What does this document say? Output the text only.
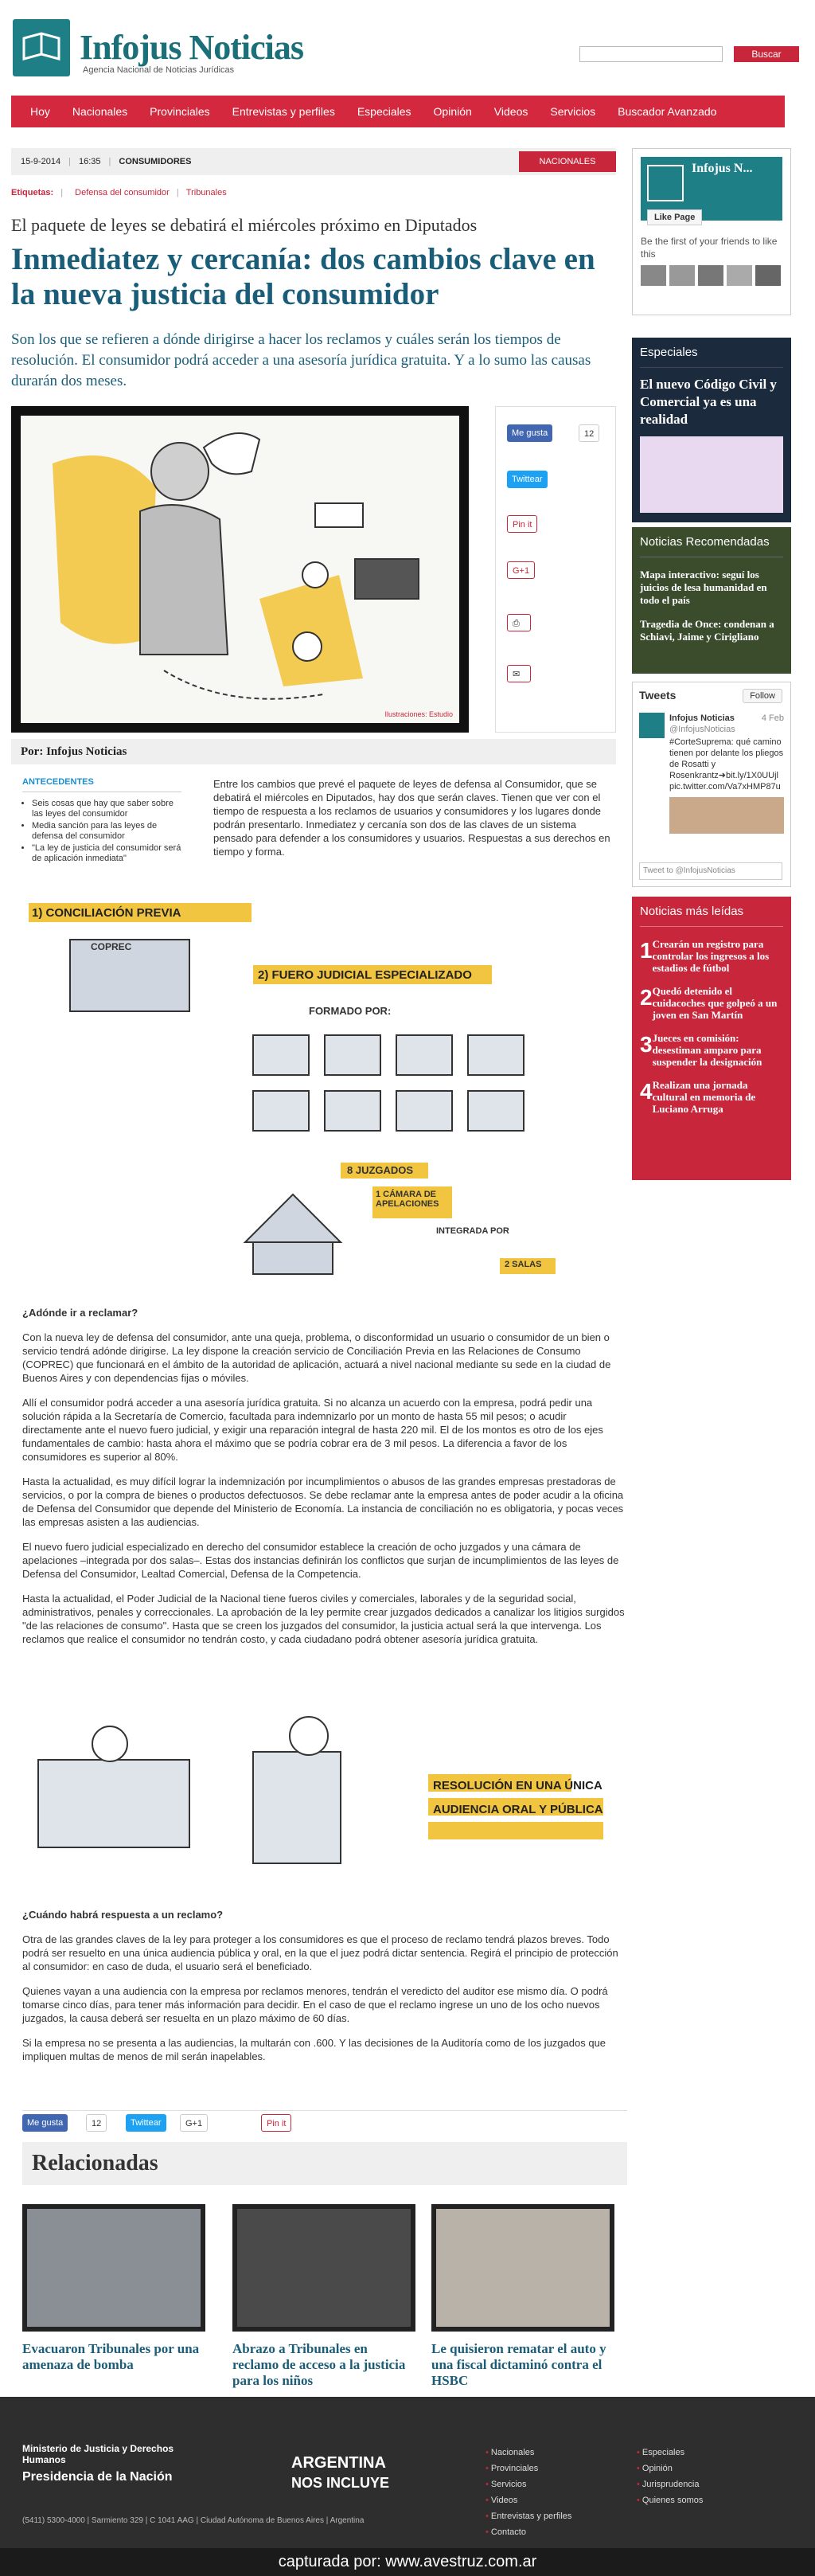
Infojus Noticias
Agencia Nacional de Noticias Jurídicas
Buscar
Hoy Nacionales Provinciales Entrevistas y perfiles Especiales Opinión Videos Servicios Buscador Avanzado
15-9-2014 | 16:35 | CONSUMIDORES	NACIONALES
Etiquetas: | Defensa del consumidor | Tribunales
El paquete de leyes se debatirá el miércoles próximo en Diputados
Inmediatez y cercanía: dos cambios clave en la nueva justicia del consumidor
Son los que se refieren a dónde dirigirse a hacer los reclamos y cuáles serán los tiempos de resolución. El consumidor podrá acceder a una asesoría jurídica gratuita. Y a lo sumo las causas durarán dos meses.
Ilustraciones: Estudio
Me gusta	12
Twittear
Pin it
G+1
⎙
✉
Por: Infojus Noticias
ANTECEDENTES
• Seis cosas que hay que saber sobre las leyes del consumidor
• Media sanción para las leyes de defensa del consumidor
• "La ley de justicia del consumidor será de aplicación inmediata"
Entre los cambios que prevé el paquete de leyes de defensa al Consumidor, que se debatirá el miércoles en Diputados, hay dos que serán claves. Tienen que ver con el tiempo de respuesta a los reclamos de usuarios y consumidores y los lugares donde podrán presentarlo. Inmediatez y cercanía son dos de las claves de un sistema pensado para defender a los consumidores y usuarios. Respuestas a sus derechos en tiempo y forma.
1) CONCILIACIÓN PREVIA
COPREC
2) FUERO JUDICIAL ESPECIALIZADO
FORMADO POR:
8 JUZGADOS
1 CÁMARA DE APELACIONES
INTEGRADA POR
2 SALAS
¿Adónde ir a reclamar?

Con la nueva ley de defensa del consumidor, ante una queja, problema, o disconformidad un usuario o consumidor de un bien o servicio tendrá adónde dirigirse. La ley dispone la creación servicio de Conciliación Previa en las Relaciones de Consumo (COPREC) que funcionará en el ámbito de la autoridad de aplicación, actuará a nivel nacional mediante su sede en la ciudad de Buenos Aires y con dependencias fijas o móviles.

Allí el consumidor podrá acceder a una asesoría jurídica gratuita. Si no alcanza un acuerdo con la empresa, podrá pedir una solución rápida a la Secretaría de Comercio, facultada para indemnizarlo por un monto de hasta 55 mil pesos; o acudir directamente ante el nuevo fuero judicial, y exigir una reparación integral de hasta 220 mil. El de los montos es otro de los ejes fundamentales de cambio: hasta ahora el máximo que se podría cobrar era de 3 mil pesos. La diferencia a favor de los consumidores es superior al 80%.

Hasta la actualidad, es muy difícil lograr la indemnización por incumplimientos o abusos de las grandes empresas prestadoras de servicios, o por la compra de bienes o productos defectuosos. Se debe reclamar ante la empresa antes de poder acudir a la oficina de Defensa del Consumidor que depende del Ministerio de Economía. La instancia de conciliación no es obligatoria, y pocas veces las empresas asisten a las audiencias.

El nuevo fuero judicial especializado en derecho del consumidor establece la creación de ocho juzgados y una cámara de apelaciones –integrada por dos salas–. Estas dos instancias definirán los conflictos que surjan de incumplimientos de las leyes de Defensa del Consumidor, Lealtad Comercial, Defensa de la Competencia.

Hasta la actualidad, el Poder Judicial de la Nacional tiene fueros civiles y comerciales, laborales y de la seguridad social, administrativos, penales y correccionales. La aprobación de la ley permite crear juzgados dedicados a canalizar los litigios surgidos "de las relaciones de consumo". Hasta que se creen los juzgados del consumidor, la justicia actual será la que intervenga. Los reclamos que realice el consumidor no tendrán costo, y cada ciudadano podrá obtener asesoría jurídica gratuita.

RESOLUCIÓN EN UNA ÚNICA AUDIENCIA ORAL Y PÚBLICA
¿Cuándo habrá respuesta a un reclamo?

Otra de las grandes claves de la ley para proteger a los consumidores es que el proceso de reclamo tendrá plazos breves. Todo podrá ser resuelto en una única audiencia pública y oral, en la que el juez podrá dictar sentencia. Regirá el principio de protección al consumidor: en caso de duda, el usuario será el beneficiado.

Quienes vayan a una audiencia con la empresa por reclamos menores, tendrán el veredicto del auditor ese mismo día. O podrá tomarse cinco días, para tener más información para decidir. En el caso de que el reclamo ingrese un uno de los ocho nuevos juzgados, la causa deberá ser resuelta en un plazo máximo de 60 días.

Si la empresa no se presenta a las audiencias, la multarán con .600. Y las decisiones de la Auditoría como de los juzgados que impliquen multas de menos de mil serán inapelables.

Me gusta	12	Twittear	G+1	Pin it
Relacionadas
Evacuaron Tribunales por una amenaza de bomba
Abrazo a Tribunales en reclamo de acceso a la justicia para los niños
Le quisieron rematar el auto y una fiscal dictaminó contra el HSBC
Infojus N...
Like Page
Be the first of your friends to like this
Especiales
El nuevo Código Civil y Comercial ya es una realidad
Noticias Recomendadas
Mapa interactivo: seguí los juicios de lesa humanidad en todo el país
Tragedia de Once: condenan a Schiavi, Jaime y Cirigliano
Tweets	Follow
Infojus Noticias	4 Feb
@InfojusNoticias
#CorteSuprema: qué camino tienen por delante los pliegos de Rosatti y Rosenkrantz➜bit.ly/1X0UUjl pic.twitter.com/Va7xHMP87u
Tweet to @InfojusNoticias
Noticias más leídas
1 Crearán un registro para controlar los ingresos a los estadios de fútbol
2 Quedó detenido el cuidacoches que golpeó a un joven en San Martín
3 Jueces en comisión: desestiman amparo para suspender la designación
4 Realizan una jornada cultural en memoria de Luciano Arruga
Ministerio de Justicia y Derechos Humanos
Presidencia de la Nación
ARGENTINA
NOS INCLUYE
(5411) 5300-4000 | Sarmiento 329 | C 1041 AAG | Ciudad Autónoma de Buenos Aires | Argentina
• Nacionales
• Provinciales
• Servicios
• Videos
• Entrevistas y perfiles
• Contacto
• Especiales
• Opinión
• Jurisprudencia
• Quienes somos
capturada por: www.avestruz.com.ar
